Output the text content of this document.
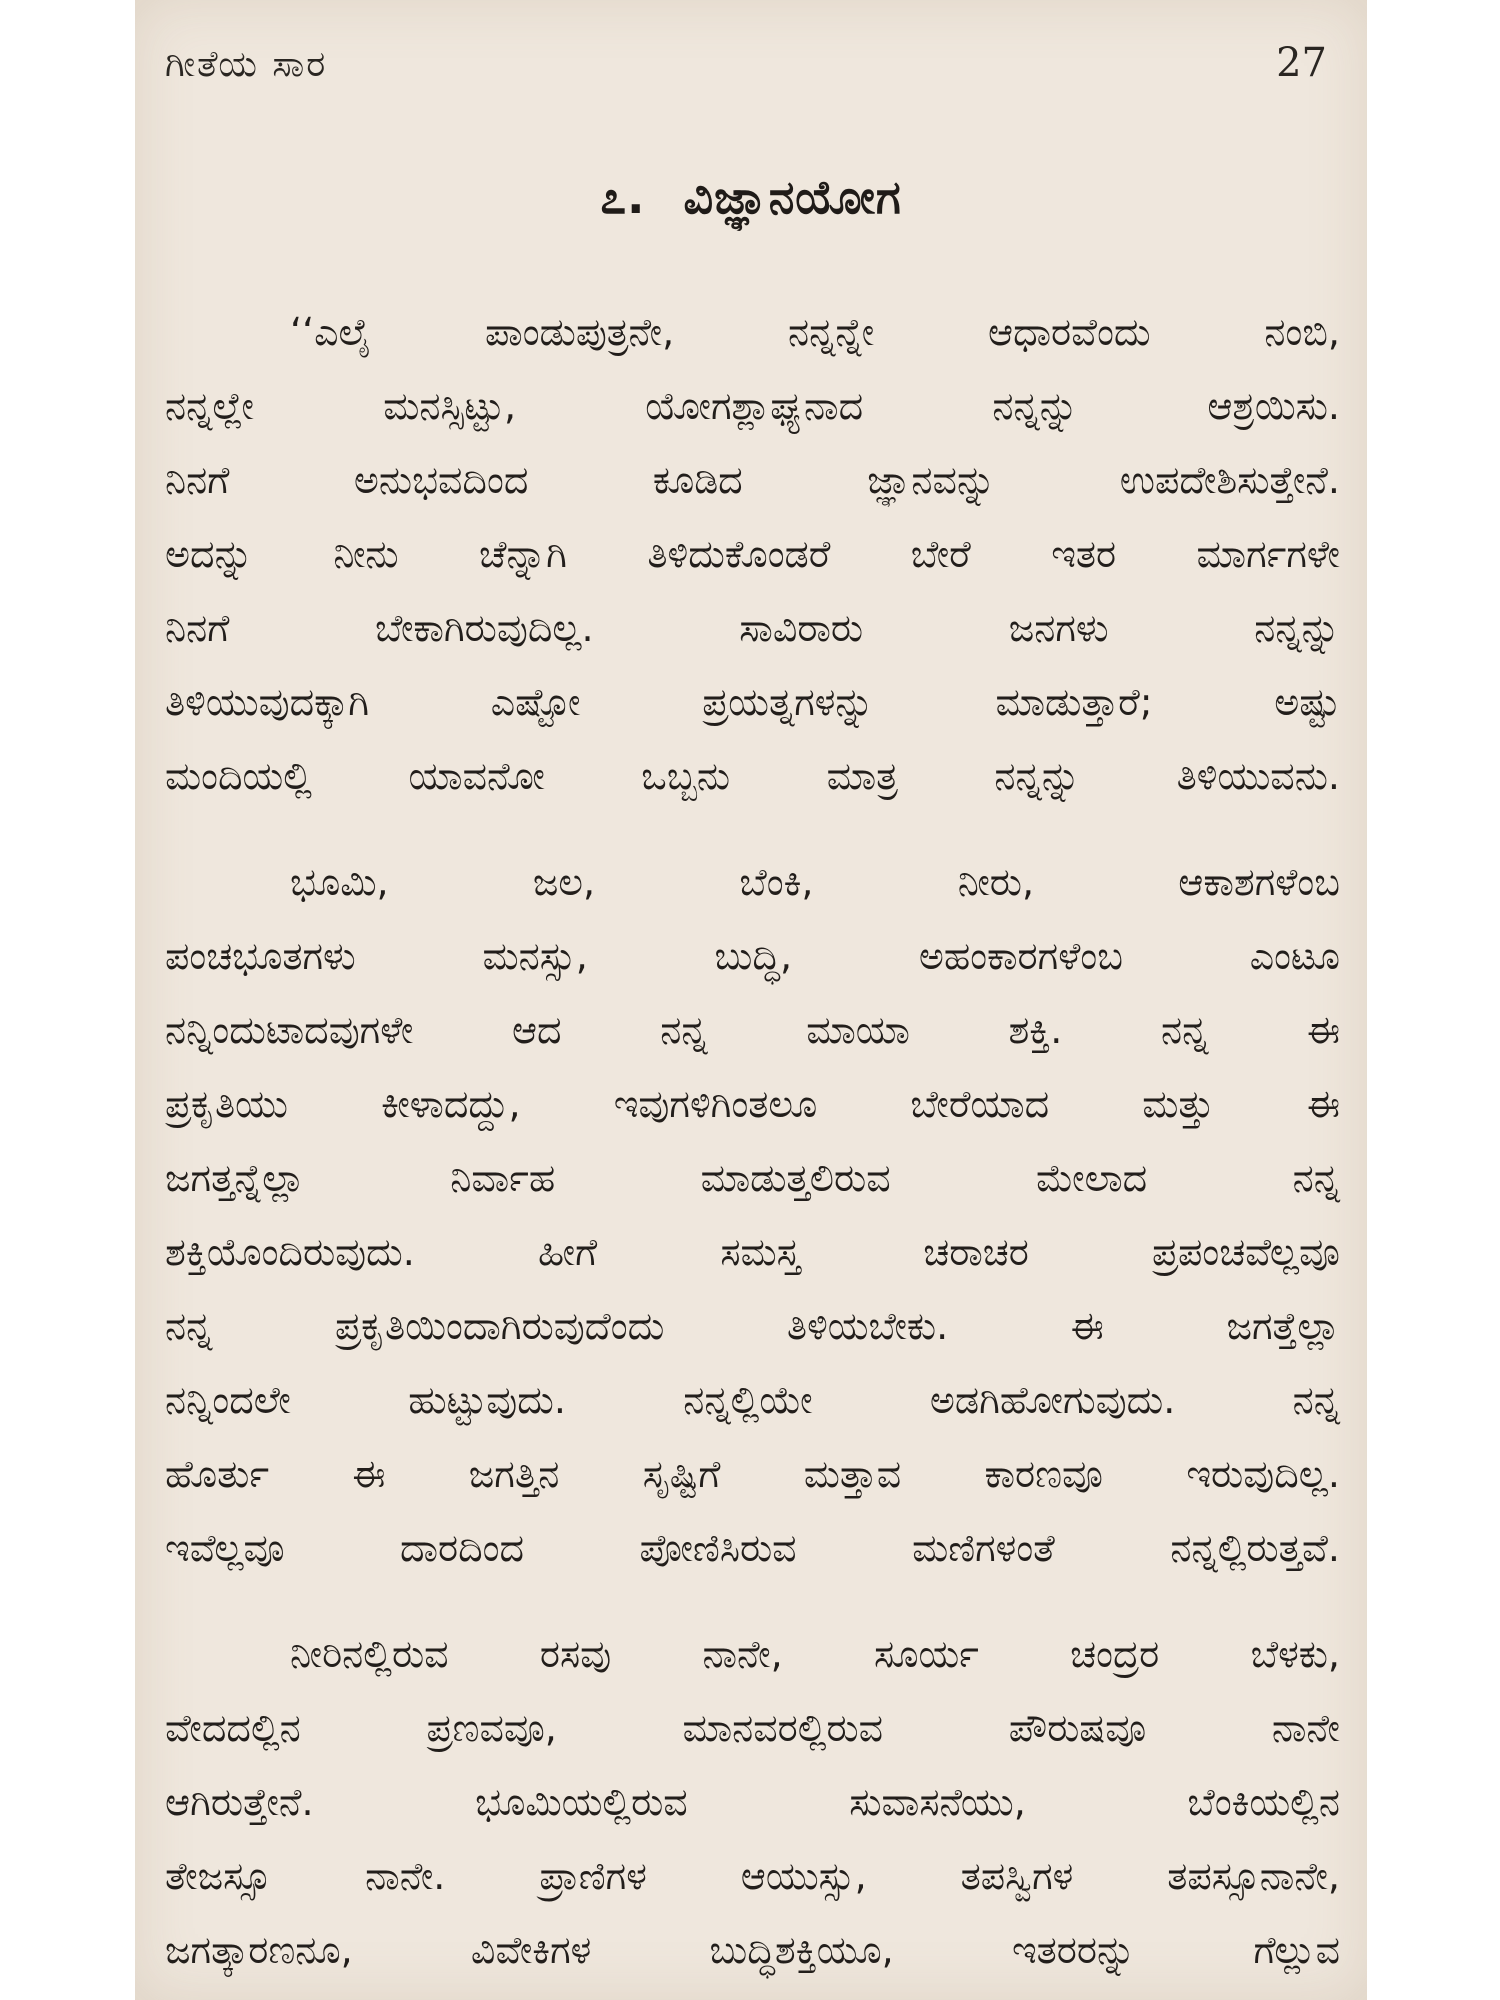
ಗೀತೆಯ ಸಾರ	27
೭. ವಿಜ್ಞಾನಯೋಗ
‘‘ಎಲೈ ಪಾಂಡುಪುತ್ರನೇ, ನನ್ನನ್ನೇ ಆಧಾರವೆಂದು ನಂಬಿ,
ನನ್ನಲ್ಲೇ ಮನಸ್ಸಿಟ್ಟು, ಯೋಗಶ್ಲಾಘ್ಯನಾದ ನನ್ನನ್ನು ಆಶ್ರಯಿಸು.
ನಿನಗೆ ಅನುಭವದಿಂದ ಕೂಡಿದ ಜ್ಞಾನವನ್ನು ಉಪದೇಶಿಸುತ್ತೇನೆ.
ಅದನ್ನು ನೀನು ಚೆನ್ನಾಗಿ ತಿಳಿದುಕೊಂಡರೆ ಬೇರೆ ಇತರ ಮಾರ್ಗಗಳೇ
ನಿನಗೆ ಬೇಕಾಗಿರುವುದಿಲ್ಲ. ಸಾವಿರಾರು ಜನಗಳು ನನ್ನನ್ನು
ತಿಳಿಯುವುದಕ್ಕಾಗಿ ಎಷ್ಟೋ ಪ್ರಯತ್ನಗಳನ್ನು ಮಾಡುತ್ತಾರೆ; ಅಷ್ಟು
ಮಂದಿಯಲ್ಲಿ ಯಾವನೋ ಒಬ್ಬನು ಮಾತ್ರ ನನ್ನನ್ನು ತಿಳಿಯುವನು.
ಭೂಮಿ, ಜಲ, ಬೆಂಕಿ, ನೀರು, ಆಕಾಶಗಳೆಂಬ
ಪಂಚಭೂತಗಳು ಮನಸ್ಸು, ಬುದ್ಧಿ, ಅಹಂಕಾರಗಳೆಂಬ ಎಂಟೂ
ನನ್ನಿಂದುಟಾದವುಗಳೇ ಆದ ನನ್ನ ಮಾಯಾ ಶಕ್ತಿ. ನನ್ನ ಈ
ಪ್ರಕೃತಿಯು ಕೀಳಾದದ್ದು, ಇವುಗಳಿಗಿಂತಲೂ ಬೇರೆಯಾದ ಮತ್ತು ಈ
ಜಗತ್ತನ್ನೆಲ್ಲಾ ನಿರ್ವಾಹ ಮಾಡುತ್ತಲಿರುವ ಮೇಲಾದ ನನ್ನ
ಶಕ್ತಿಯೊಂದಿರುವುದು. ಹೀಗೆ ಸಮಸ್ತ ಚರಾಚರ ಪ್ರಪಂಚವೆಲ್ಲವೂ
ನನ್ನ ಪ್ರಕೃತಿಯಿಂದಾಗಿರುವುದೆಂದು ತಿಳಿಯಬೇಕು. ಈ ಜಗತ್ತೆಲ್ಲಾ
ನನ್ನಿಂದಲೇ ಹುಟ್ಟುವುದು. ನನ್ನಲ್ಲಿಯೇ ಅಡಗಿಹೋಗುವುದು. ನನ್ನ
ಹೊರ್ತು ಈ ಜಗತ್ತಿನ ಸೃಷ್ಟಿಗೆ ಮತ್ತಾವ ಕಾರಣವೂ ಇರುವುದಿಲ್ಲ.
ಇವೆಲ್ಲವೂ ದಾರದಿಂದ ಪೋಣಿಸಿರುವ ಮಣಿಗಳಂತೆ ನನ್ನಲ್ಲಿರುತ್ತವೆ.
ನೀರಿನಲ್ಲಿರುವ ರಸವು ನಾನೇ, ಸೂರ್ಯ ಚಂದ್ರರ ಬೆಳಕು,
ವೇದದಲ್ಲಿನ ಪ್ರಣವವೂ, ಮಾನವರಲ್ಲಿರುವ ಪೌರುಷವೂ ನಾನೇ
ಆಗಿರುತ್ತೇನೆ. ಭೂಮಿಯಲ್ಲಿರುವ ಸುವಾಸನೆಯು, ಬೆಂಕಿಯಲ್ಲಿನ
ತೇಜಸ್ಸೂ ನಾನೇ. ಪ್ರಾಣಿಗಳ ಆಯುಸ್ಸು, ತಪಸ್ವಿಗಳ ತಪಸ್ಸೂನಾನೇ,
ಜಗತ್ಕಾರಣನೂ, ವಿವೇಕಿಗಳ ಬುದ್ಧಿಶಕ್ತಿಯೂ, ಇತರರನ್ನು ಗೆಲ್ಲುವ
